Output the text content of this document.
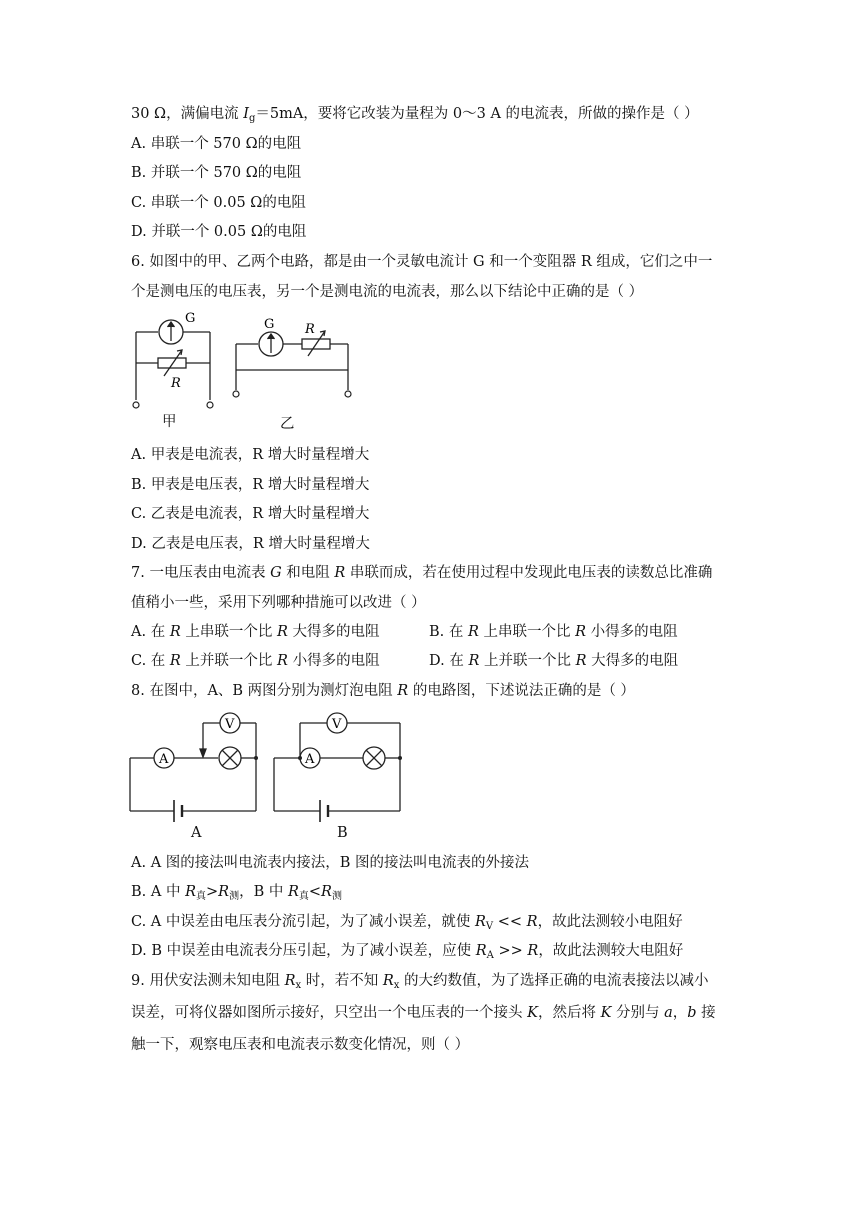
30 Ω，满偏电流 $I_g=5mA$，要将它改装为量程为 0～3 A 的电流表，所做的操作是（ ）
A. 串联一个 570 Ω的电阻
B. 并联一个 570 Ω的电阻
C. 串联一个 0.05 Ω的电阻
D. 并联一个 0.05 Ω的电阻
6. 如图中的甲、乙两个电路，都是由一个灵敏电流计 G 和一个变阻器 R 组成，它们之中一
个是测电压的电压表，另一个是测电流的电流表，那么以下结论中正确的是（ ）
G
R
甲
G R
乙
A. 甲表是电流表，R 增大时量程增大
B. 甲表是电压表，R 增大时量程增大
C. 乙表是电流表，R 增大时量程增大
D. 乙表是电压表，R 增大时量程增大
7. 一电压表由电流表 G 和电阻 R 串联而成，若在使用过程中发现此电压表的读数总比准确
值稍小一些，采用下列哪种措施可以改进（ ）
A. 在 R 上串联一个比 R 大得多的电阻	B. 在 R 上串联一个比 R 小得多的电阻
C. 在 R 上并联一个比 R 小得多的电阻	D. 在 R 上并联一个比 R 大得多的电阻
8. 在图中，A、B 两图分别为测灯泡电阻 R 的电路图，下述说法正确的是（ ）
V
A
A
V
A
B
A. A 图的接法叫电流表内接法，B 图的接法叫电流表的外接法
B. A 中 $R_真>R_测$，B 中 $R_真<R_测$
C. A 中误差由电压表分流引起，为了减小误差，就使 $R_V << R$，故此法测较小电阻好
D. B 中误差由电流表分压引起，为了减小误差，应使 $R_A >> R$，故此法测较大电阻好
9. 用伏安法测未知电阻 $R_x$ 时，若不知 $R_x$ 的大约数值，为了选择正确的电流表接法以减小
误差，可将仪器如图所示接好，只空出一个电压表的一个接头 K，然后将 K 分别与 a，b 接
触一下，观察电压表和电流表示数变化情况，则（ ）
